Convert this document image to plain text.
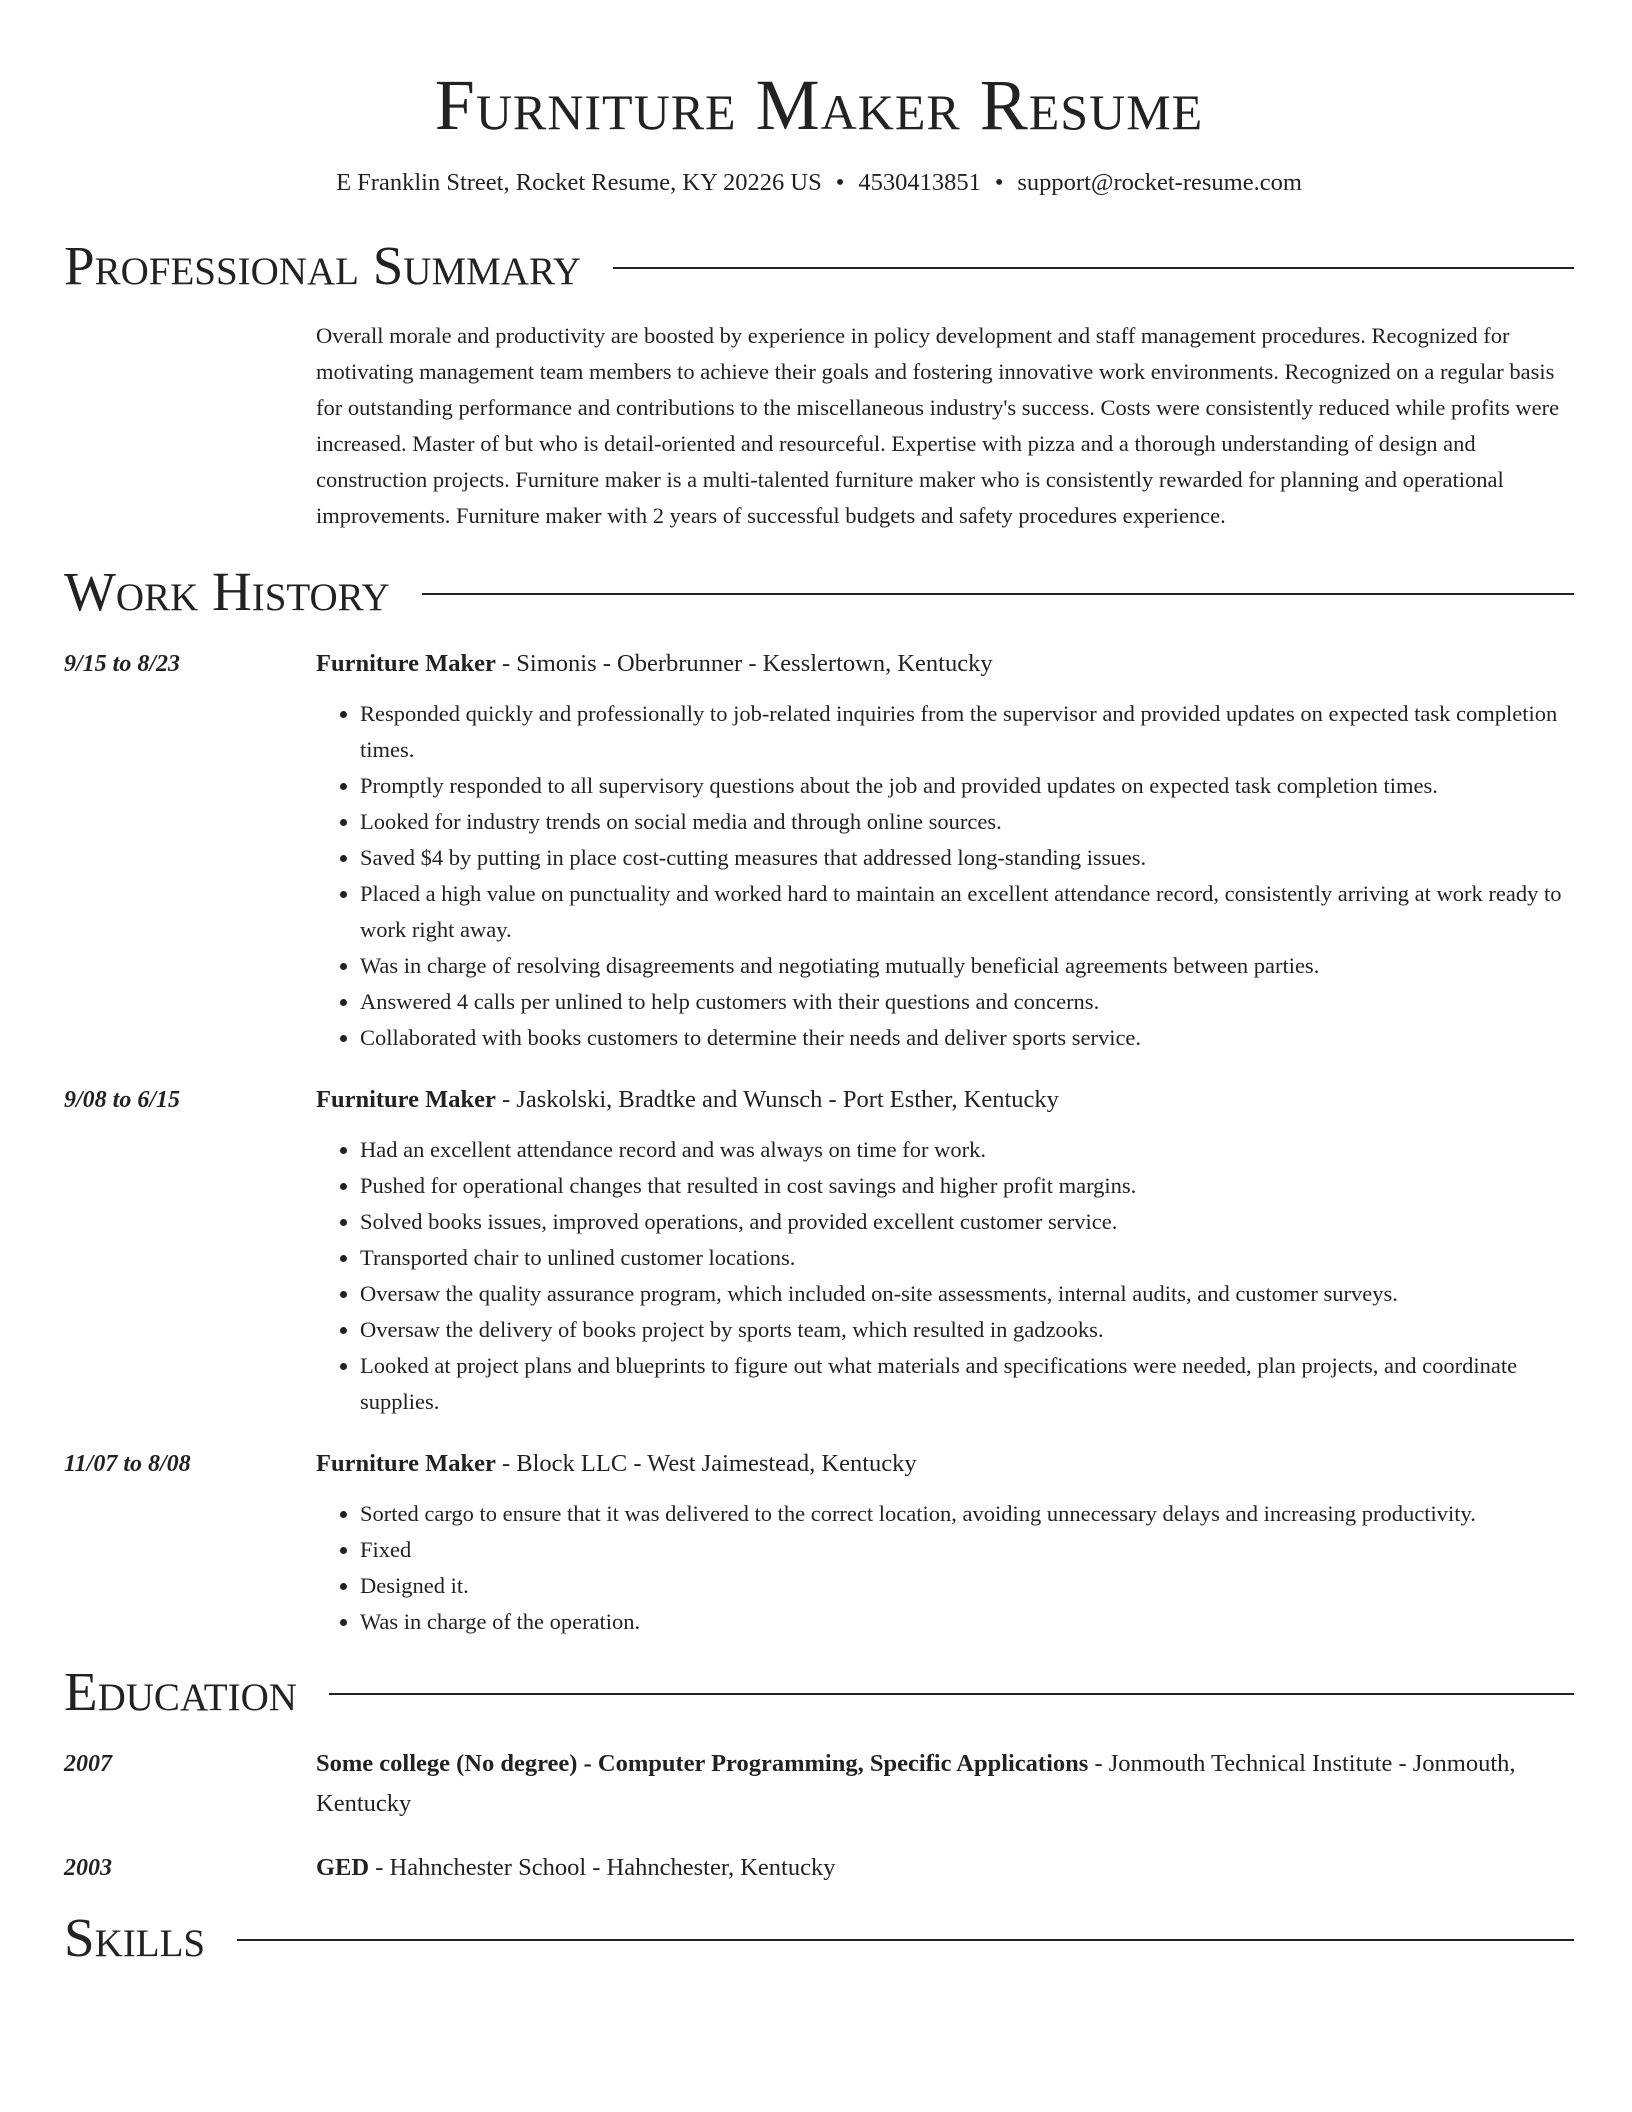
Furniture Maker Resume
E Franklin Street, Rocket Resume, KY 20226 US • 4530413851 • support@rocket-resume.com
Professional Summary
Overall morale and productivity are boosted by experience in policy development and staff management procedures. Recognized for motivating management team members to achieve their goals and fostering innovative work environments. Recognized on a regular basis for outstanding performance and contributions to the miscellaneous industry's success. Costs were consistently reduced while profits were increased. Master of but who is detail-oriented and resourceful. Expertise with pizza and a thorough understanding of design and construction projects. Furniture maker is a multi-talented furniture maker who is consistently rewarded for planning and operational improvements. Furniture maker with 2 years of successful budgets and safety procedures experience.
Work History
9/15 to 8/23	Furniture Maker - Simonis - Oberbrunner - Kesslertown, Kentucky
• Responded quickly and professionally to job-related inquiries from the supervisor and provided updates on expected task completion times.
• Promptly responded to all supervisory questions about the job and provided updates on expected task completion times.
• Looked for industry trends on social media and through online sources.
• Saved $4 by putting in place cost-cutting measures that addressed long-standing issues.
• Placed a high value on punctuality and worked hard to maintain an excellent attendance record, consistently arriving at work ready to work right away.
• Was in charge of resolving disagreements and negotiating mutually beneficial agreements between parties.
• Answered 4 calls per unlined to help customers with their questions and concerns.
• Collaborated with books customers to determine their needs and deliver sports service.
9/08 to 6/15	Furniture Maker - Jaskolski, Bradtke and Wunsch - Port Esther, Kentucky
• Had an excellent attendance record and was always on time for work.
• Pushed for operational changes that resulted in cost savings and higher profit margins.
• Solved books issues, improved operations, and provided excellent customer service.
• Transported chair to unlined customer locations.
• Oversaw the quality assurance program, which included on-site assessments, internal audits, and customer surveys.
• Oversaw the delivery of books project by sports team, which resulted in gadzooks.
• Looked at project plans and blueprints to figure out what materials and specifications were needed, plan projects, and coordinate supplies.
11/07 to 8/08	Furniture Maker - Block LLC - West Jaimestead, Kentucky
• Sorted cargo to ensure that it was delivered to the correct location, avoiding unnecessary delays and increasing productivity.
• Fixed
• Designed it.
• Was in charge of the operation.
Education
2007	Some college (No degree) - Computer Programming, Specific Applications - Jonmouth Technical Institute - Jonmouth, Kentucky
2003	GED - Hahnchester School - Hahnchester, Kentucky
Skills
